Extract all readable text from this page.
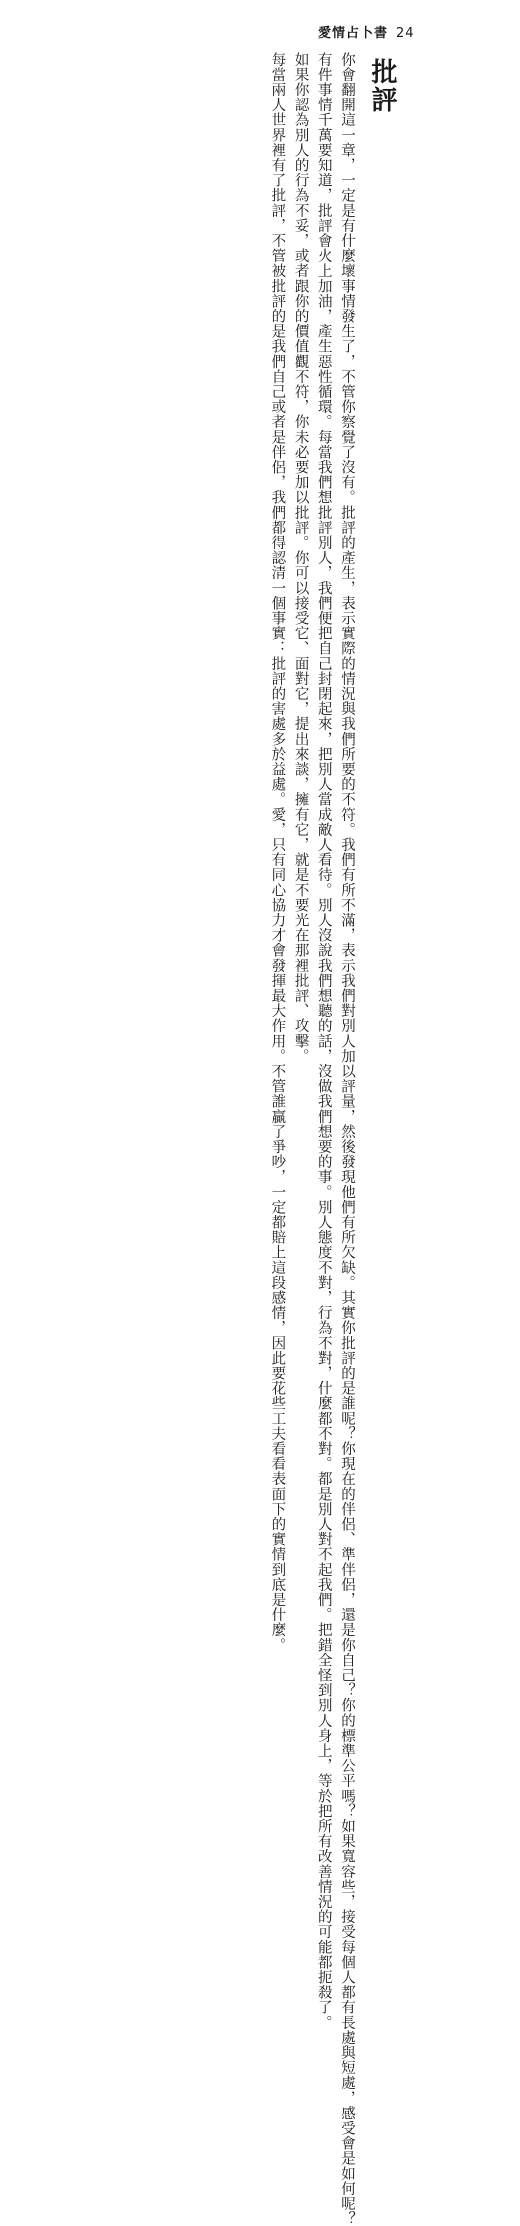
愛情占卜書 24
批評
你會翻開這一章，一定是有什麼壞事情發生了，不管你察覺了沒有。批評的產生，表示實際的情況與我們所要的不符。我們有所不滿，表示我們對別人加以評量，然後發現他們有所欠缺。其實你批評的是誰呢？你現在的伴侶、準伴侶，還是你自己？你的標準公平嗎？如果寬容些，接受每個人都有長處與短處，感受會是如何呢？
有件事情千萬要知道，批評會火上加油，產生惡性循環。每當我們想批評別人，我們便把自己封閉起來，把別人當成敵人看待。別人沒說我們想聽的話，沒做我們想要的事。別人態度不對，行為不對，什麼都不對。都是別人對不起我們。把錯全怪到別人身上，等於把所有改善情況的可能都扼殺了。
如果你認為別人的行為不妥，或者跟你的價值觀不符，你未必要加以批評。你可以接受它、面對它，提出來談，擁有它，就是不要光在那裡批評、攻擊。
每當兩人世界裡有了批評，不管被批評的是我們自己或者是伴侶，我們都得認清一個事實：批評的害處多於益處。愛，只有同心協力才會發揮最大作用。不管誰贏了爭吵，一定都賠上這段感情，因此要花些工夫看看表面下的實情到底是什麼。
